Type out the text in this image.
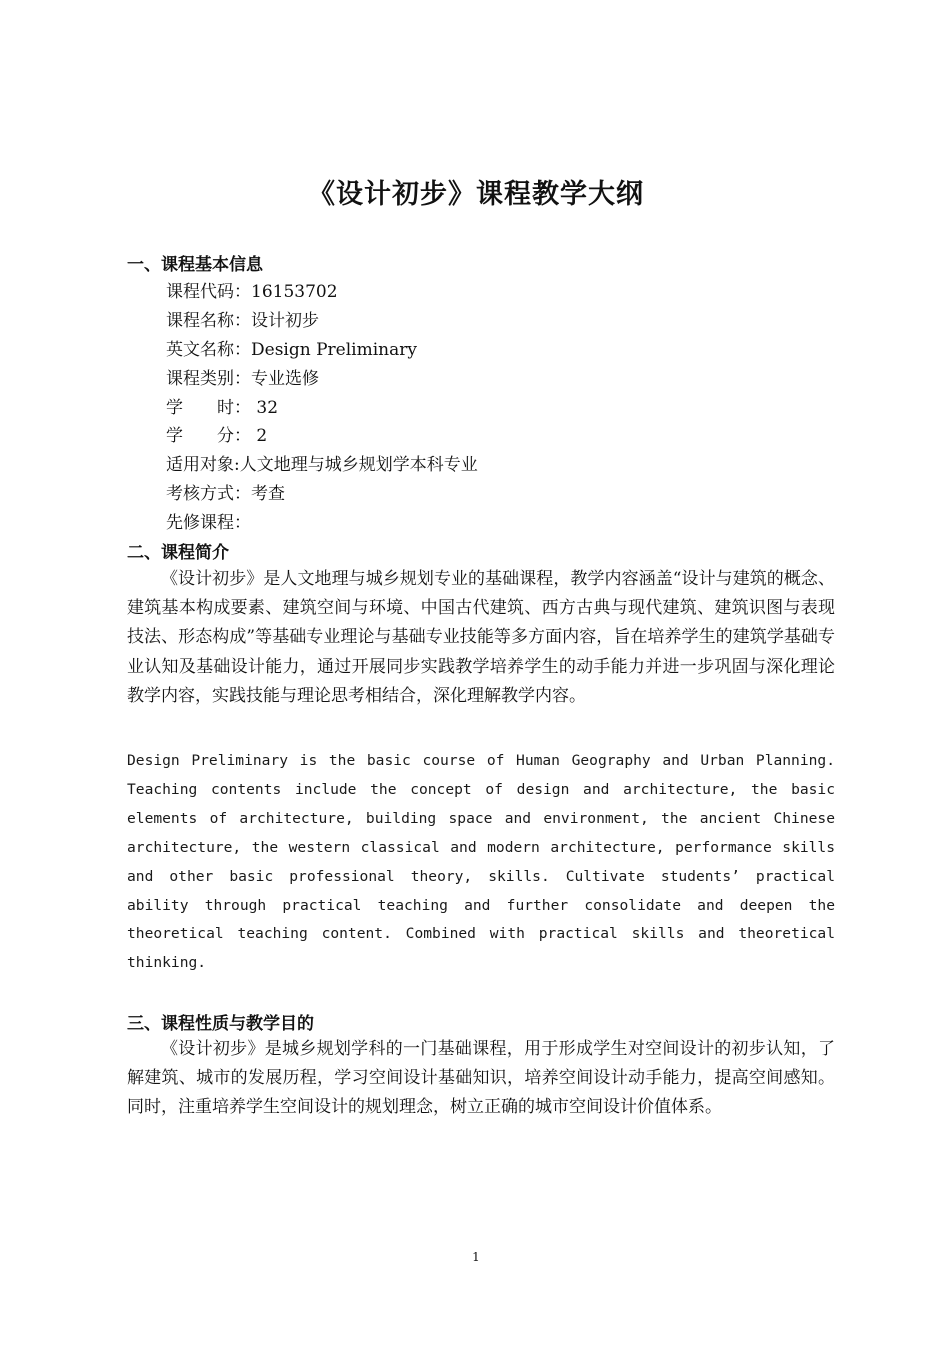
《设计初步》课程教学大纲
一、课程基本信息
课程代码：16153702
课程名称：设计初步
英文名称：Design Preliminary
课程类别：专业选修
学　　时： 32
学　　分： 2
适用对象:人文地理与城乡规划学本科专业
考核方式：考查
先修课程：
二、课程简介

《设计初步》是人文地理与城乡规划专业的基础课程，教学内容涵盖“设计与建筑的概念、建筑基本构成要素、建筑空间与环境、中国古代建筑、西方古典与现代建筑、建筑识图与表现技法、形态构成”等基础专业理论与基础专业技能等多方面内容，旨在培养学生的建筑学基础专业认知及基础设计能力，通过开展同步实践教学培养学生的动手能力并进一步巩固与深化理论教学内容，实践技能与理论思考相结合，深化理解教学内容。

Design Preliminary is the basic course of Human Geography and Urban Planning. Teaching contents include the concept of design and architecture, the basic elements of architecture, building space and environment, the ancient Chinese architecture, the western classical and modern architecture, performance skills and other basic professional theory, skills. Cultivate students’ practical ability through practical teaching and further consolidate and deepen the theoretical teaching content. Combined with practical skills and theoretical thinking.

三、课程性质与教学目的

《设计初步》是城乡规划学科的一门基础课程，用于形成学生对空间设计的初步认知，了解建筑、城市的发展历程，学习空间设计基础知识，培养空间设计动手能力，提高空间感知。同时，注重培养学生空间设计的规划理念，树立正确的城市空间设计价值体系。

1
